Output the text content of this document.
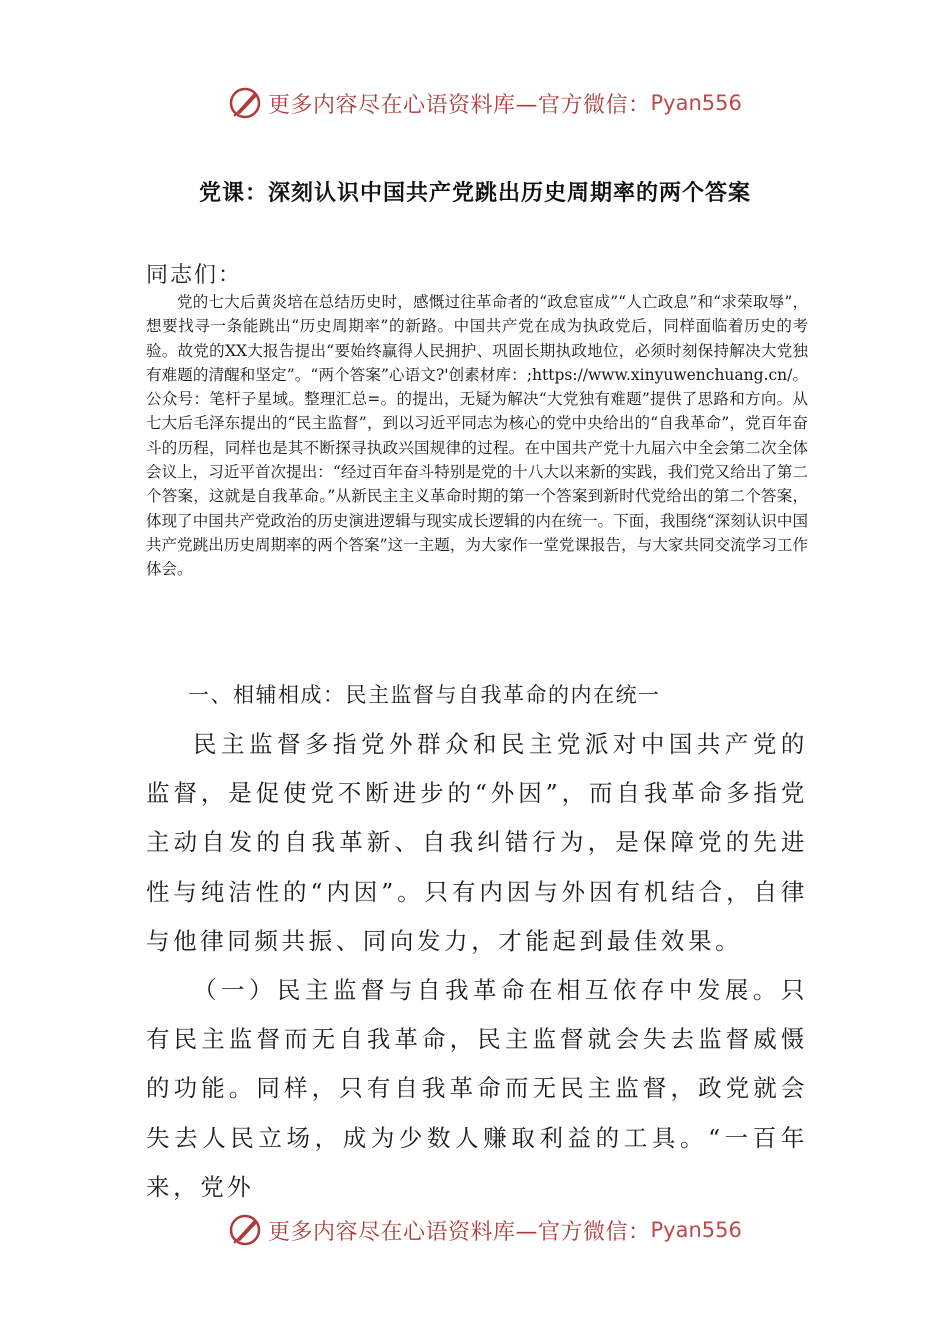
更多内容尽在心语资料库—官方微信： Pyan556
党课：深刻认识中国共产党跳出历史周期率的两个答案
同志们：

党的七大后黄炎培在总结历史时，感慨过往革命者的“政怠宦成”“人亡政息”和“求荣取辱”，想要找寻一条能跳出“历史周期率”的新路。中国共产党在成为执政党后，同样面临着历史的考验。故党的XX大报告提出“要始终赢得人民拥护、巩固长期执政地位，必须时刻保持解决大党独有难题的清醒和坚定”。“两个答案”心语文?'创素材库：;https://www.xinyuwenchuang.cn/。公众号：笔杆子星域。整理汇总=。的提出，无疑为解决“大党独有难题”提供了思路和方向。从七大后毛泽东提出的“民主监督”，到以习近平同志为核心的党中央给出的“自我革命”，党百年奋斗的历程，同样也是其不断探寻执政兴国规律的过程。在中国共产党十九届六中全会第二次全体会议上，习近平首次提出：“经过百年奋斗特别是党的十八大以来新的实践，我们党又给出了第二个答案，这就是自我革命。”从新民主主义革命时期的第一个答案到新时代党给出的第二个答案，体现了中国共产党政治的历史演进逻辑与现实成长逻辑的内在统一。下面，我围绕“深刻认识中国共产党跳出历史周期率的两个答案”这一主题，为大家作一堂党课报告，与大家共同交流学习工作体会。

一、相辅相成：民主监督与自我革命的内在统一

民主监督多指党外群众和民主党派对中国共产党的监督，是促使党不断进步的“外因”，而自我革命多指党主动自发的自我革新、自我纠错行为，是保障党的先进性与纯洁性的“内因”。只有内因与外因有机结合，自律与他律同频共振、同向发力，才能起到最佳效果。

（一）民主监督与自我革命在相互依存中发展。只有民主监督而无自我革命，民主监督就会失去监督威慑的功能。同样，只有自我革命而无民主监督，政党就会失去人民立场，成为少数人赚取利益的工具。“一百年来，党外

更多内容尽在心语资料库—官方微信： Pyan556
